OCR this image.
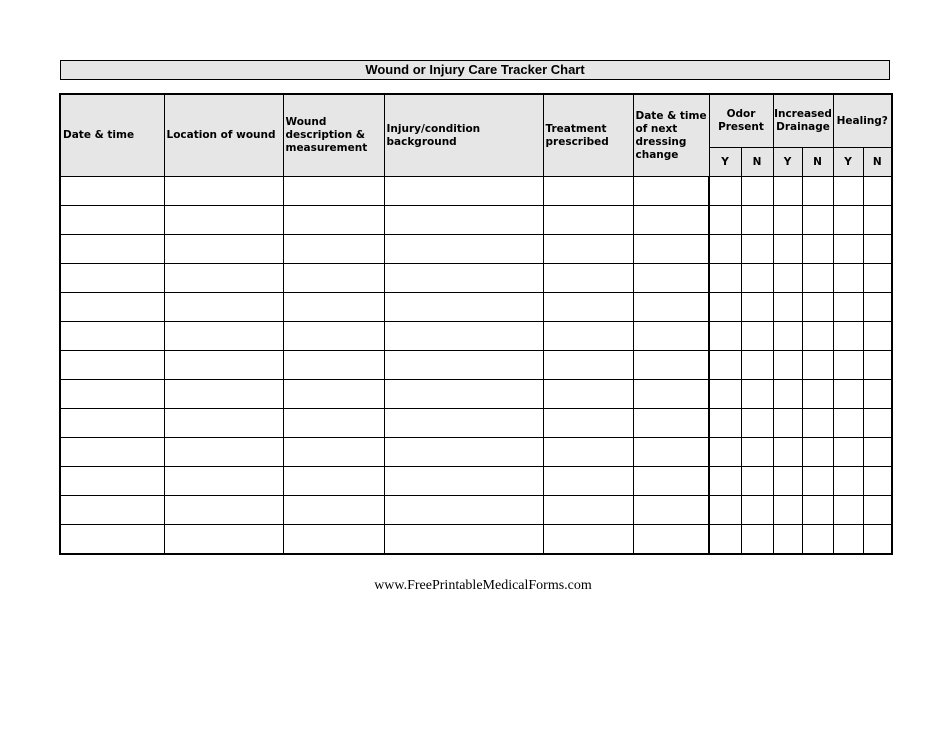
Wound or Injury Care Tracker Chart
Date & time	Location of wound	Wound description & measurement	Injury/condition background	Treatment prescribed	Date & time of next dressing change	Odor Present		Increased Drainage		Healing?	
						Y	N	Y	N	Y	N

www.FreePrintableMedicalForms.com
